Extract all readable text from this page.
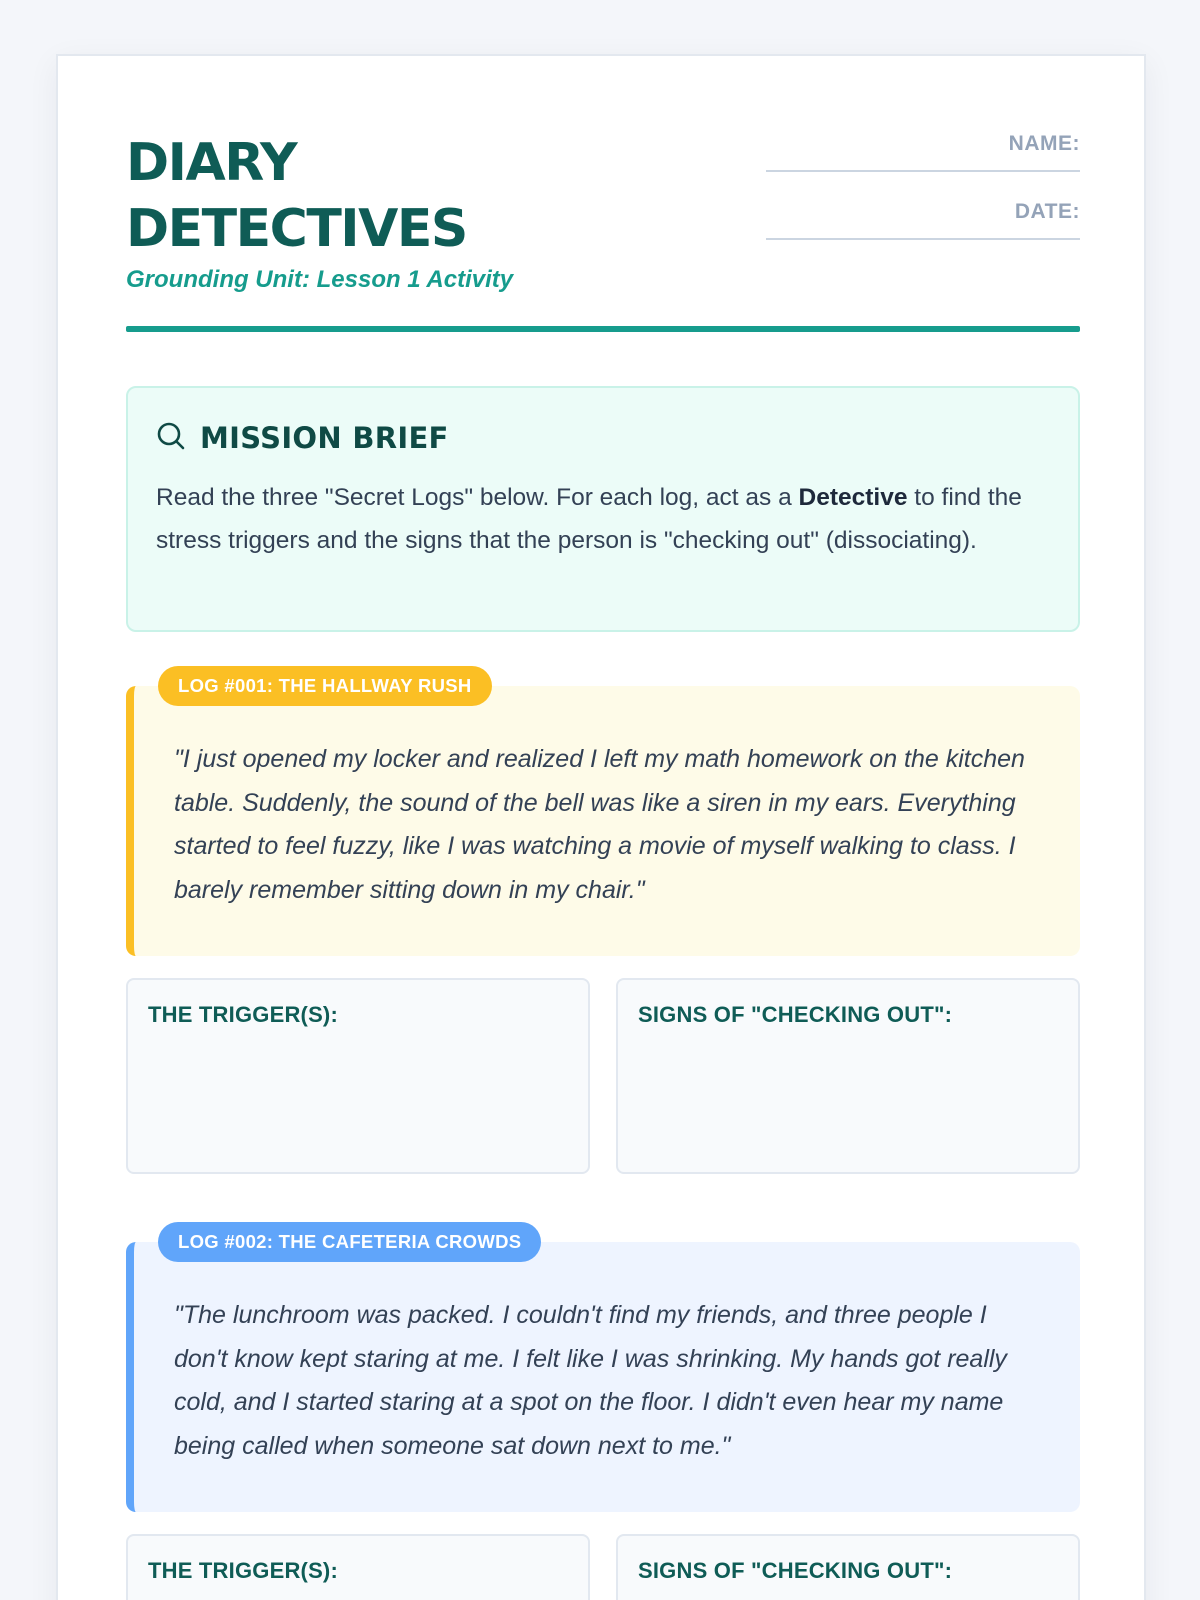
DIARY
DETECTIVES
Grounding Unit: Lesson 1 Activity
NAME:
DATE:
MISSION BRIEF

Read the three "Secret Logs" below. For each log, act as a Detective to find the stress triggers and the signs that the person is "checking out" (dissociating).

"I just opened my locker and realized I left my math homework on the kitchen table. Suddenly, the sound of the bell was like a siren in my ears. Everything started to feel fuzzy, like I was watching a movie of myself walking to class. I barely remember sitting down in my chair."

LOG #001: THE HALLWAY RUSH
THE TRIGGER(S):	SIGNS OF "CHECKING OUT":

"The lunchroom was packed. I couldn't find my friends, and three people I don't know kept staring at me. I felt like I was shrinking. My hands got really cold, and I started staring at a spot on the floor. I didn't even hear my name being called when someone sat down next to me."

LOG #002: THE CAFETERIA CROWDS
THE TRIGGER(S):	SIGNS OF "CHECKING OUT":
